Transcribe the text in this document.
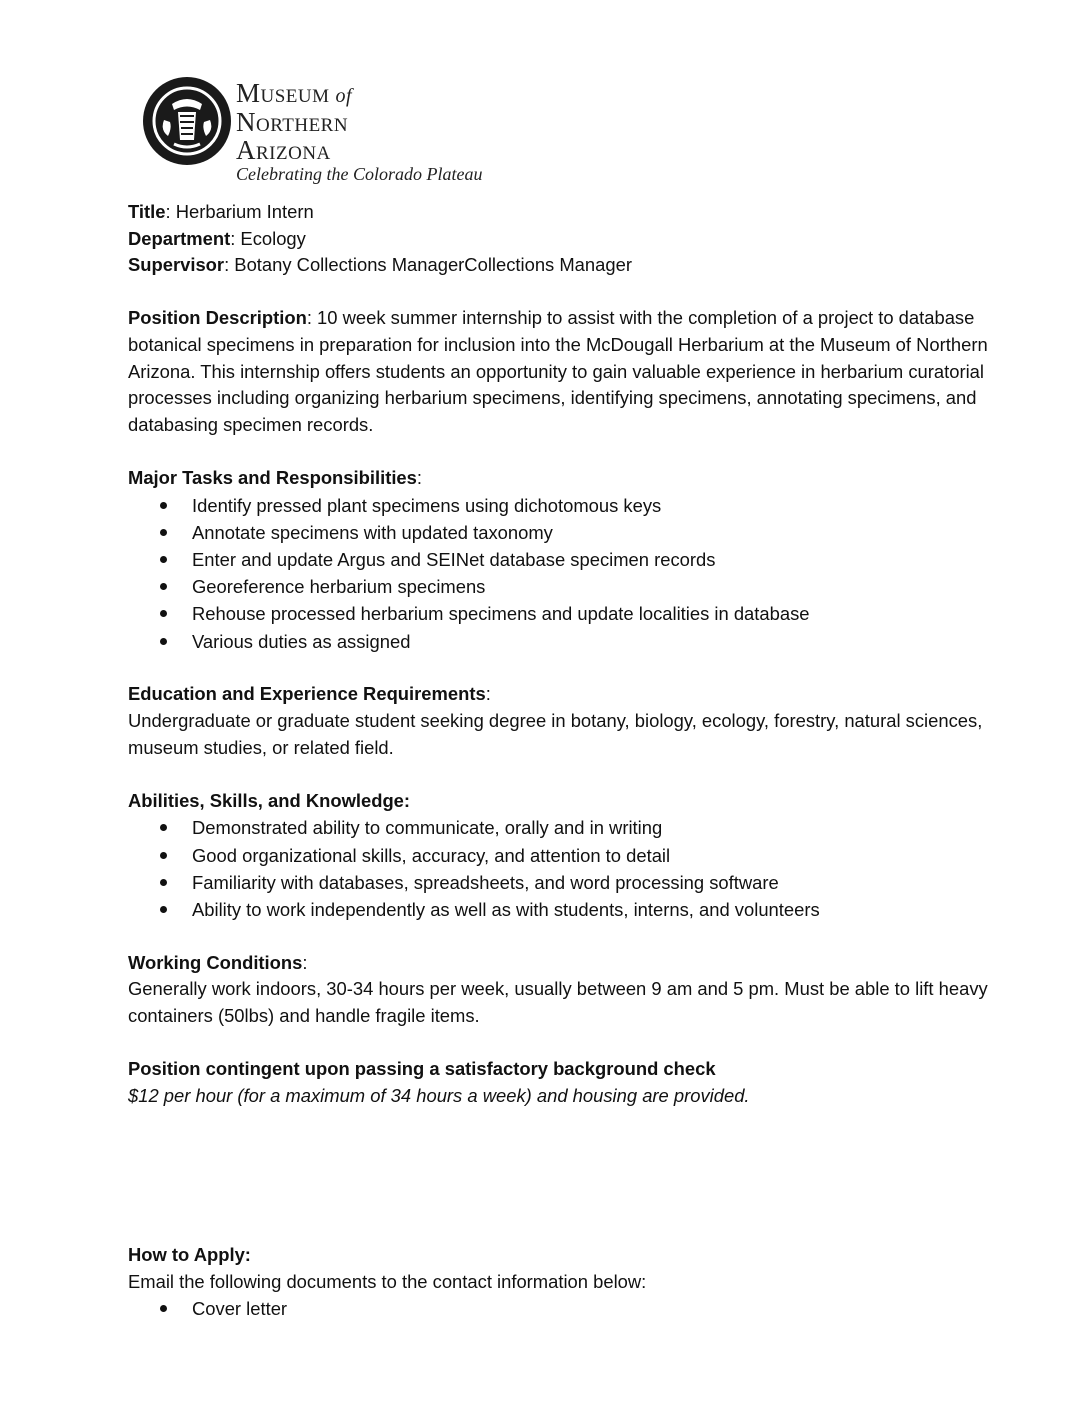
Museum of
Northern
Arizona
Celebrating the Colorado Plateau

Title: Herbarium Intern

Department: Ecology

Supervisor: Botany Collections ManagerCollections Manager

Position Description: 10 week summer internship to assist with the completion of a project to database botanical specimens in preparation for inclusion into the McDougall Herbarium at the Museum of Northern Arizona. This internship offers students an opportunity to gain valuable experience in herbarium curatorial processes including organizing herbarium specimens, identifying specimens, annotating specimens, and databasing specimen records.

Major Tasks and Responsibilities:

Identify pressed plant specimens using dichotomous keys
Annotate specimens with updated taxonomy
Enter and update Argus and SEINet database specimen records
Georeference herbarium specimens
Rehouse processed herbarium specimens and update localities in database
Various duties as assigned

Education and Experience Requirements:

Undergraduate or graduate student seeking degree in botany, biology, ecology, forestry, natural sciences, museum studies, or related field.

Abilities, Skills, and Knowledge:

Demonstrated ability to communicate, orally and in writing
Good organizational skills, accuracy, and attention to detail
Familiarity with databases, spreadsheets, and word processing software
Ability to work independently as well as with students, interns, and volunteers

Working Conditions:

Generally work indoors, 30-34 hours per week, usually between 9 am and 5 pm. Must be able to lift heavy containers (50lbs) and handle fragile items.

Position contingent upon passing a satisfactory background check

$12 per hour (for a maximum of 34 hours a week) and housing are provided.

How to Apply:

Email the following documents to the contact information below:

Cover letter
